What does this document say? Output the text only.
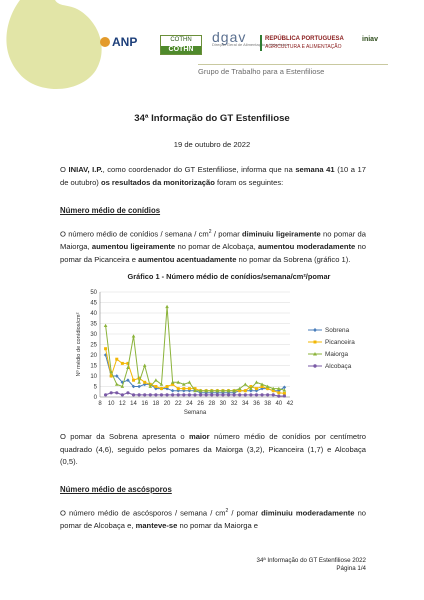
ANP	COTHN
COTHN
dgav
Direção Geral de Alimentação e Veterinária
REPÚBLICA PORTUGUESA
AGRICULTURA E ALIMENTAÇÃO
iniav
Grupo de Trabalho para a Estenfiliose
34ª Informação do GT Estenfiliose
19 de outubro de 2022
O INIAV, I.P., como coordenador do GT Estenfiliose, informa que na semana 41 (10 a 17 de outubro) os resultados da monitorização foram os seguintes:
Número médio de conídios
O número médio de conídios / semana / $cm^2$ / pomar diminuiu ligeiramente no pomar da Maiorga, aumentou ligeiramente no pomar de Alcobaça, aumentou moderadamente no pomar da Picanceira e aumentou acentuadamente no pomar da Sobrena (gráfico 1).
Gráfico 1 - Número médio de conídios/semana/cm²/pomar
0
5
10
15
20
25
30
35
40
45
50
8 10 12 14 16 18 20 22 24 26 28 30 32 34 36 38 40 42
Semana
Nº médio de conídios/cm²	Sobrena
Picanceira
Maiorga
Alcobaça
O pomar da Sobrena apresenta o maior número médio de conídios por centímetro quadrado (4,6), seguido pelos pomares da Maiorga (3,2), Picanceira (1,7) e Alcobaça (0,5).
Número médio de ascósporos
O número médio de ascósporos / semana / $cm^2$ / pomar diminuiu moderadamente no pomar de Alcobaça e, manteve-se no pomar da Maiorga e
34ª Informação do GT Estenfiliose 2022
Página 1/4
